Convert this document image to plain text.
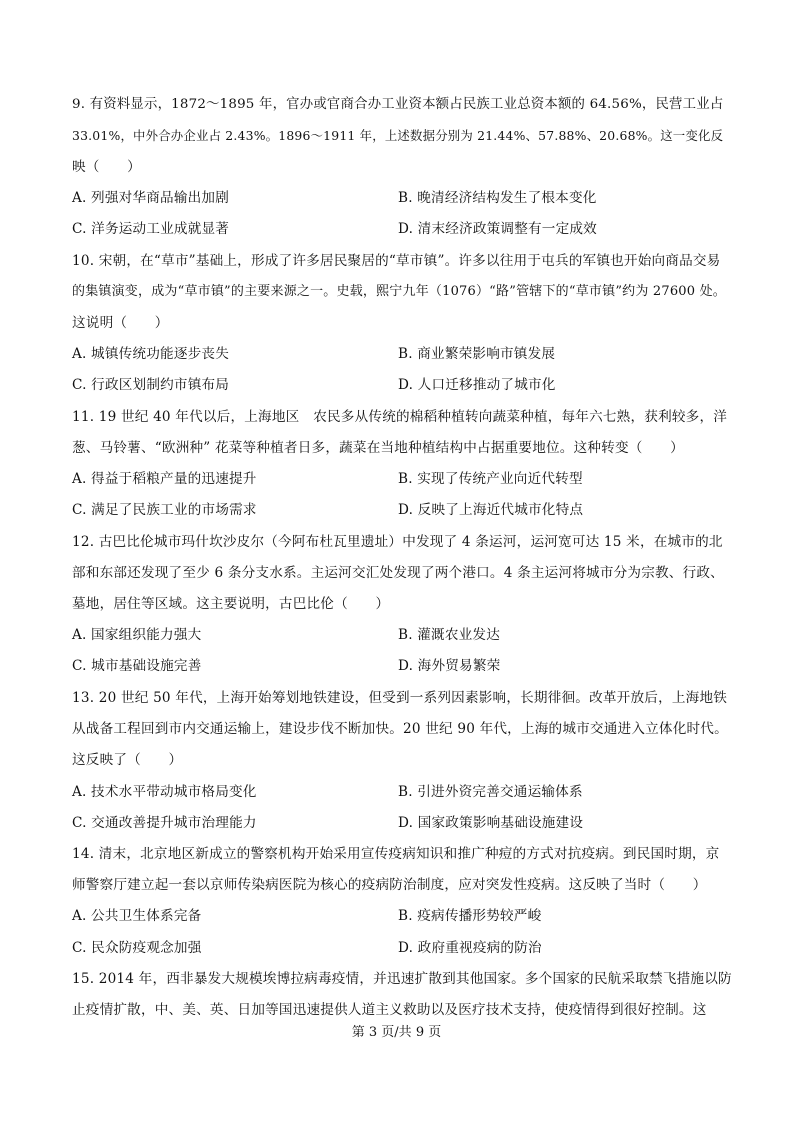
9. 有资料显示，1872～1895 年，官办或官商合办工业资本额占民族工业总资本额的 64.56%，民营工业占
33.01%，中外合办企业占 2.43%。1896～1911 年，上述数据分别为 21.44%、57.88%、20.68%。这一变化反
映（　　）
A. 列强对华商品输出加剧	B. 晚清经济结构发生了根本变化
C. 洋务运动工业成就显著	D. 清末经济政策调整有一定成效
10. 宋朝，在“草市”基础上，形成了许多居民聚居的“草市镇”。许多以往用于屯兵的军镇也开始向商品交易
的集镇演变，成为“草市镇”的主要来源之一。史载，熙宁九年（1076）“路”管辖下的“草市镇”约为 27600 处。
这说明（　　）
A. 城镇传统功能逐步丧失	B. 商业繁荣影响市镇发展
C. 行政区划制约市镇布局	D. 人口迁移推动了城市化
11. 19 世纪 40 年代以后，上海地区　农民多从传统的棉稻种植转向蔬菜种植，每年六七熟，获利较多，洋
葱、马铃薯、“欧洲种” 花菜等种植者日多，蔬菜在当地种植结构中占据重要地位。这种转变（　　）
A. 得益于稻粮产量的迅速提升	B. 实现了传统产业向近代转型
C. 满足了民族工业的市场需求	D. 反映了上海近代城市化特点
12. 古巴比伦城市玛什坎沙皮尔（今阿布杜瓦里遗址）中发现了 4 条运河，运河宽可达 15 米，在城市的北
部和东部还发现了至少 6 条分支水系。主运河交汇处发现了两个港口。4 条主运河将城市分为宗教、行政、
墓地，居住等区域。这主要说明，古巴比伦（　　）
A. 国家组织能力强大	B. 灌溉农业发达
C. 城市基础设施完善	D. 海外贸易繁荣
13. 20 世纪 50 年代，上海开始筹划地铁建设，但受到一系列因素影响，长期徘徊。改革开放后，上海地铁
从战备工程回到市内交通运输上，建设步伐不断加快。20 世纪 90 年代，上海的城市交通进入立体化时代。
这反映了（　　）
A. 技术水平带动城市格局变化	B. 引进外资完善交通运输体系
C. 交通改善提升城市治理能力	D. 国家政策影响基础设施建设
14. 清末，北京地区新成立的警察机构开始采用宣传疫病知识和推广种痘的方式对抗疫病。到民国时期，京
师警察厅建立起一套以京师传染病医院为核心的疫病防治制度，应对突发性疫病。这反映了当时（　　）
A. 公共卫生体系完备	B. 疫病传播形势较严峻
C. 民众防疫观念加强	D. 政府重视疫病的防治
15. 2014 年，西非暴发大规模埃博拉病毒疫情，并迅速扩散到其他国家。多个国家的民航采取禁飞措施以防
止疫情扩散，中、美、英、日加等国迅速提供人道主义救助以及医疗技术支持，使疫情得到很好控制。这
第 3 页/共 9 页
